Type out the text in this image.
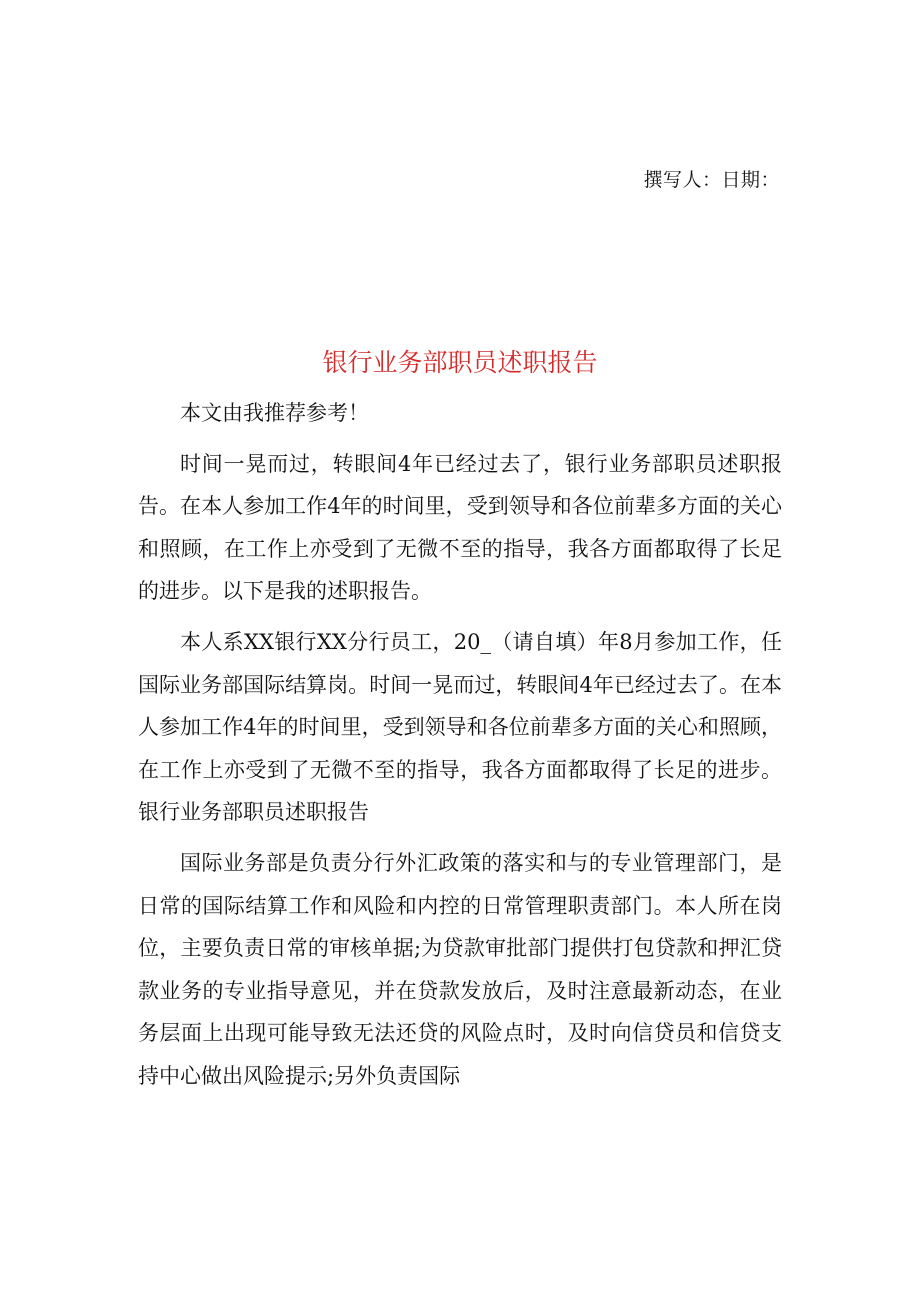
撰写人：日期：
银行业务部职员述职报告

本文由我推荐参考！

时间一晃而过，转眼间4年已经过去了，银行业务部职员述职报告。在本人参加工作4年的时间里，受到领导和各位前辈多方面的关心和照顾，在工作上亦受到了无微不至的指导，我各方面都取得了长足的进步。以下是我的述职报告。

本人系XX银行XX分行员工，20_（请自填）年8月参加工作，任国际业务部国际结算岗。时间一晃而过，转眼间4年已经过去了。在本人参加工作4年的时间里，受到领导和各位前辈多方面的关心和照顾，在工作上亦受到了无微不至的指导，我各方面都取得了长足的进步。银行业务部职员述职报告

国际业务部是负责分行外汇政策的落实和与的专业管理部门，是日常的国际结算工作和风险和内控的日常管理职责部门。本人所在岗位，主要负责日常的审核单据;为贷款审批部门提供打包贷款和押汇贷款业务的专业指导意见，并在贷款发放后，及时注意最新动态，在业务层面上出现可能导致无法还贷的风险点时，及时向信贷员和信贷支持中心做出风险提示;另外负责国际
